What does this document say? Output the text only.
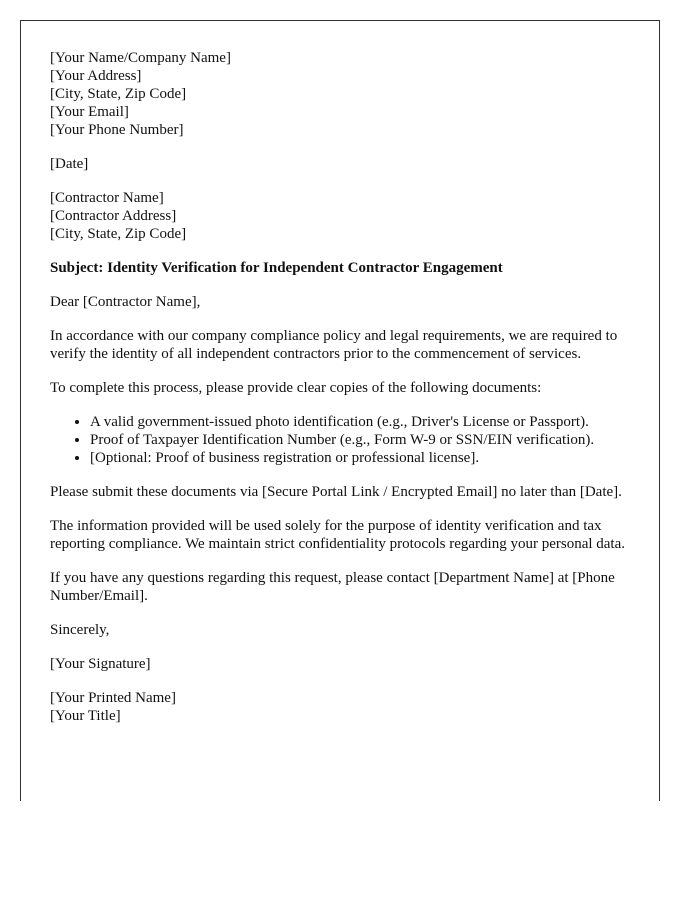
[Your Name/Company Name]
[Your Address]
[City, State, Zip Code]
[Your Email]
[Your Phone Number]
[Date]
[Contractor Name]
[Contractor Address]
[City, State, Zip Code]

Subject: Identity Verification for Independent Contractor Engagement

Dear [Contractor Name],

In accordance with our company compliance policy and legal requirements, we are required to verify the identity of all independent contractors prior to the commencement of services.

To complete this process, please provide clear copies of the following documents:

• A valid government-issued photo identification (e.g., Driver's License or Passport).
• Proof of Taxpayer Identification Number (e.g., Form W-9 or SSN/EIN verification).
• [Optional: Proof of business registration or professional license].

Please submit these documents via [Secure Portal Link / Encrypted Email] no later than [Date].

The information provided will be used solely for the purpose of identity verification and tax reporting compliance. We maintain strict confidentiality protocols regarding your personal data.

If you have any questions regarding this request, please contact [Department Name] at [Phone Number/Email].

Sincerely,

[Your Signature]

[Your Printed Name]
[Your Title]
